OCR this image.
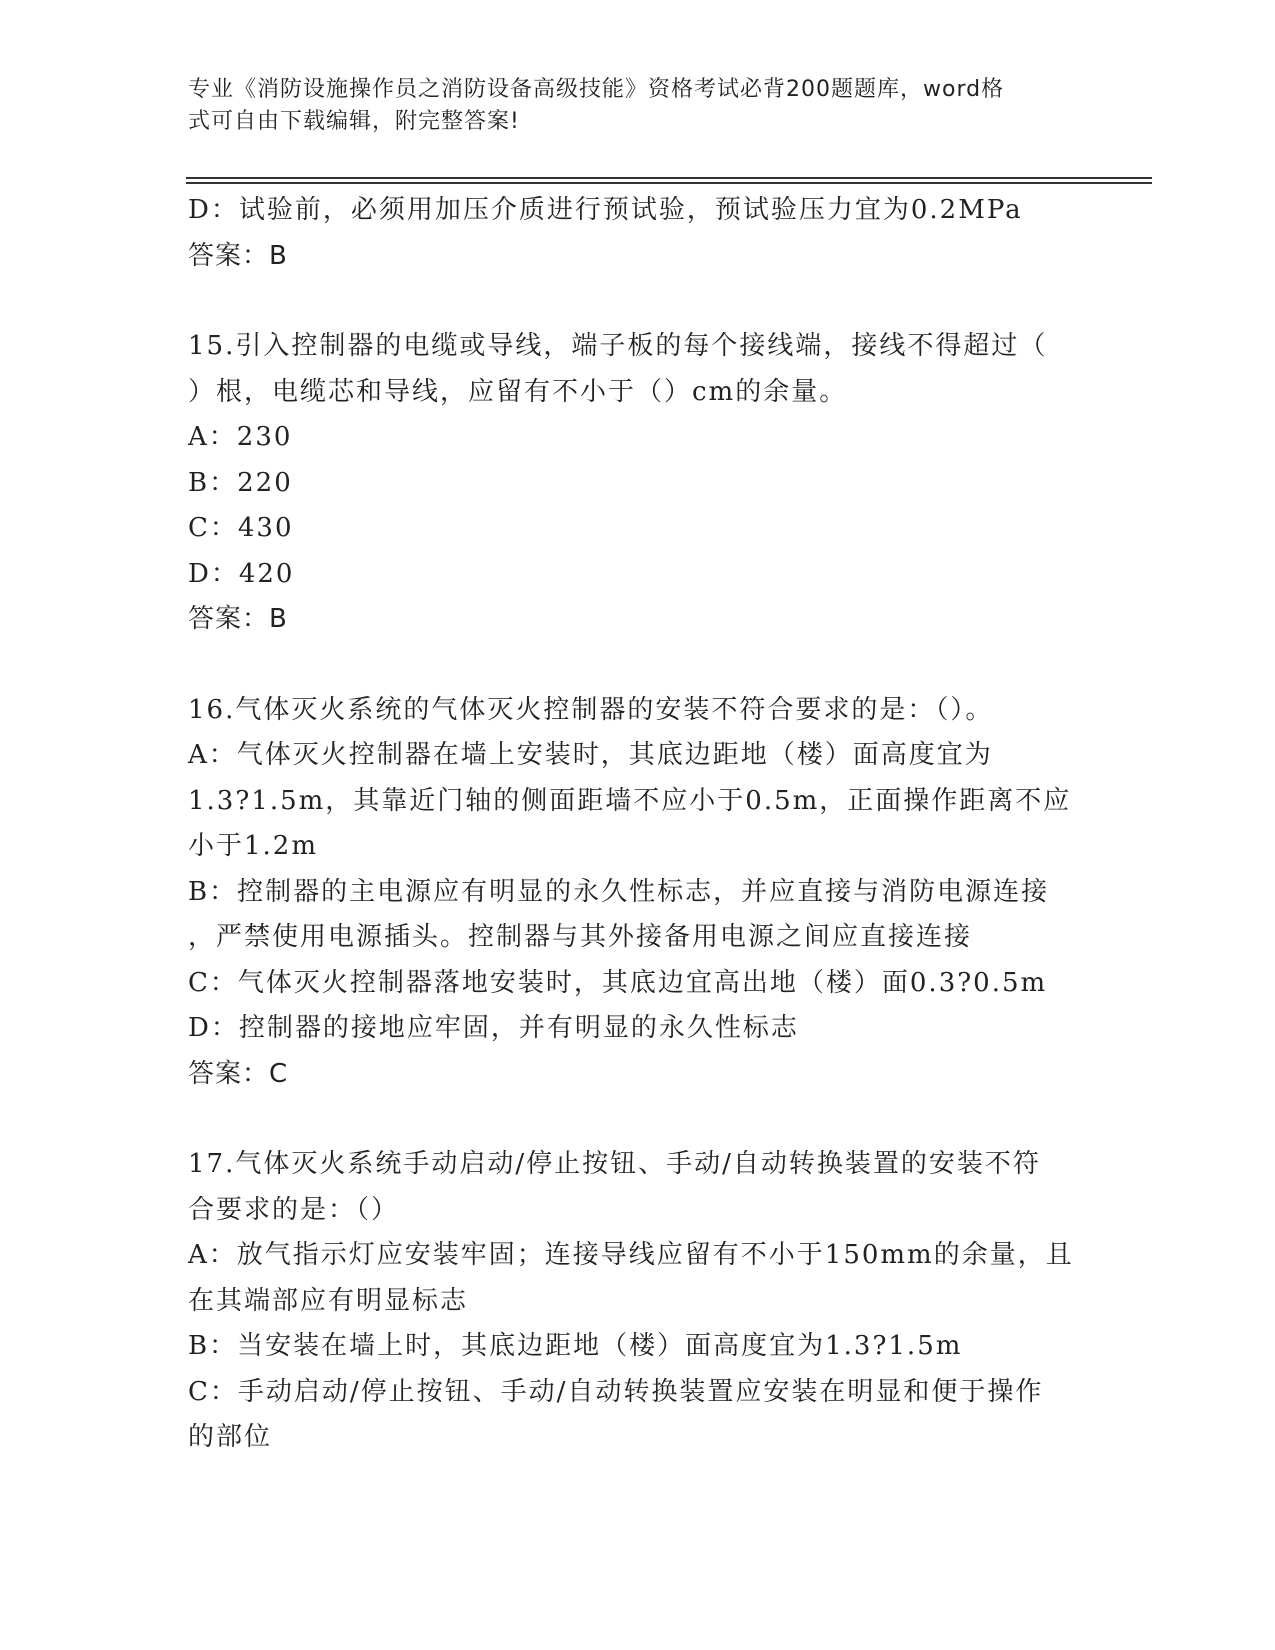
专业《消防设施操作员之消防设备高级技能》资格考试必背200题题库，word格
式可自由下载编辑，附完整答案!
D：试验前，必须用加压介质进行预试验，预试验压力宜为0.2MPa
答案：B
15.引入控制器的电缆或导线，端子板的每个接线端，接线不得超过（
）根，电缆芯和导线，应留有不小于（）cm的余量。
A：230
B：220
C：430
D：420
答案：B
16.气体灭火系统的气体灭火控制器的安装不符合要求的是：（）。
A：气体灭火控制器在墙上安装时，其底边距地（楼）面高度宜为
1.3?1.5m，其靠近门轴的侧面距墙不应小于0.5m，正面操作距离不应
小于1.2m
B：控制器的主电源应有明显的永久性标志，并应直接与消防电源连接
，严禁使用电源插头。控制器与其外接备用电源之间应直接连接
C：气体灭火控制器落地安装时，其底边宜高出地（楼）面0.3?0.5m
D：控制器的接地应牢固，并有明显的永久性标志
答案：C
17.气体灭火系统手动启动/停止按钮、手动/自动转换装置的安装不符
合要求的是：（）
A：放气指示灯应安装牢固；连接导线应留有不小于150mm的余量，且
在其端部应有明显标志
B：当安装在墙上时，其底边距地（楼）面高度宜为1.3?1.5m
C：手动启动/停止按钮、手动/自动转换装置应安装在明显和便于操作
的部位
